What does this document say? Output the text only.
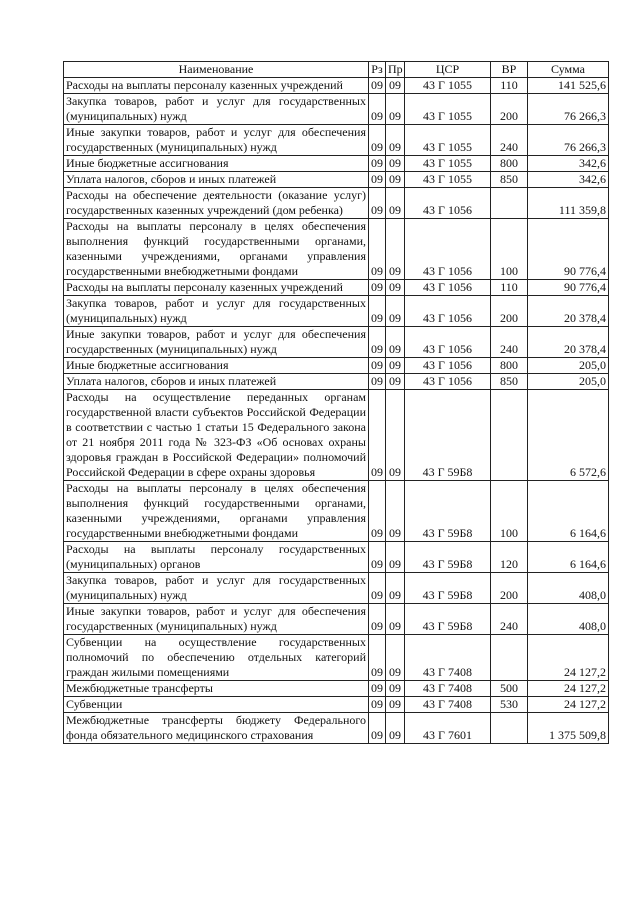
Наименование	Рз	Пр	ЦСР	ВР	Сумма
Расходы на выплаты персоналу казенных учреждений	09	09	43 Г 1055	110	141 525,6
Закупка товаров, работ и услуг для государственных (муниципальных) нужд	09	09	43 Г 1055	200	76 266,3
Иные закупки товаров, работ и услуг для обеспечения государственных (муниципальных) нужд	09	09	43 Г 1055	240	76 266,3
Иные бюджетные ассигнования	09	09	43 Г 1055	800	342,6
Уплата налогов, сборов и иных платежей	09	09	43 Г 1055	850	342,6
Расходы на обеспечение деятельности (оказание услуг) государственных казенных учреждений (дом ребенка)	09	09	43 Г 1056		111 359,8
Расходы на выплаты персоналу в целях обеспечения выполнения функций государственными органами, казенными учреждениями, органами управления государственными внебюджетными фондами	09	09	43 Г 1056	100	90 776,4
Расходы на выплаты персоналу казенных учреждений	09	09	43 Г 1056	110	90 776,4
Закупка товаров, работ и услуг для государственных (муниципальных) нужд	09	09	43 Г 1056	200	20 378,4
Иные закупки товаров, работ и услуг для обеспечения государственных (муниципальных) нужд	09	09	43 Г 1056	240	20 378,4
Иные бюджетные ассигнования	09	09	43 Г 1056	800	205,0
Уплата налогов, сборов и иных платежей	09	09	43 Г 1056	850	205,0
Расходы на осуществление переданных органам государственной власти субъектов Российской Федерации в соответствии с частью 1 статьи 15 Федерального закона от 21 ноября 2011 года № 323-ФЗ «Об основах охраны здоровья граждан в Российской Федерации» полномочий Российской Федерации в сфере охраны здоровья	09	09	43 Г 59Б8		6 572,6
Расходы на выплаты персоналу в целях обеспечения выполнения функций государственными органами, казенными учреждениями, органами управления государственными внебюджетными фондами	09	09	43 Г 59Б8	100	6 164,6
Расходы на выплаты персоналу государственных (муниципальных) органов	09	09	43 Г 59Б8	120	6 164,6
Закупка товаров, работ и услуг для государственных (муниципальных) нужд	09	09	43 Г 59Б8	200	408,0
Иные закупки товаров, работ и услуг для обеспечения государственных (муниципальных) нужд	09	09	43 Г 59Б8	240	408,0
Субвенции на осуществление государственных полномочий по обеспечению отдельных категорий граждан жилыми помещениями	09	09	43 Г 7408		24 127,2
Межбюджетные трансферты	09	09	43 Г 7408	500	24 127,2
Субвенции	09	09	43 Г 7408	530	24 127,2
Межбюджетные трансферты бюджету Федерального фонда обязательного медицинского страхования	09	09	43 Г 7601		1 375 509,8
